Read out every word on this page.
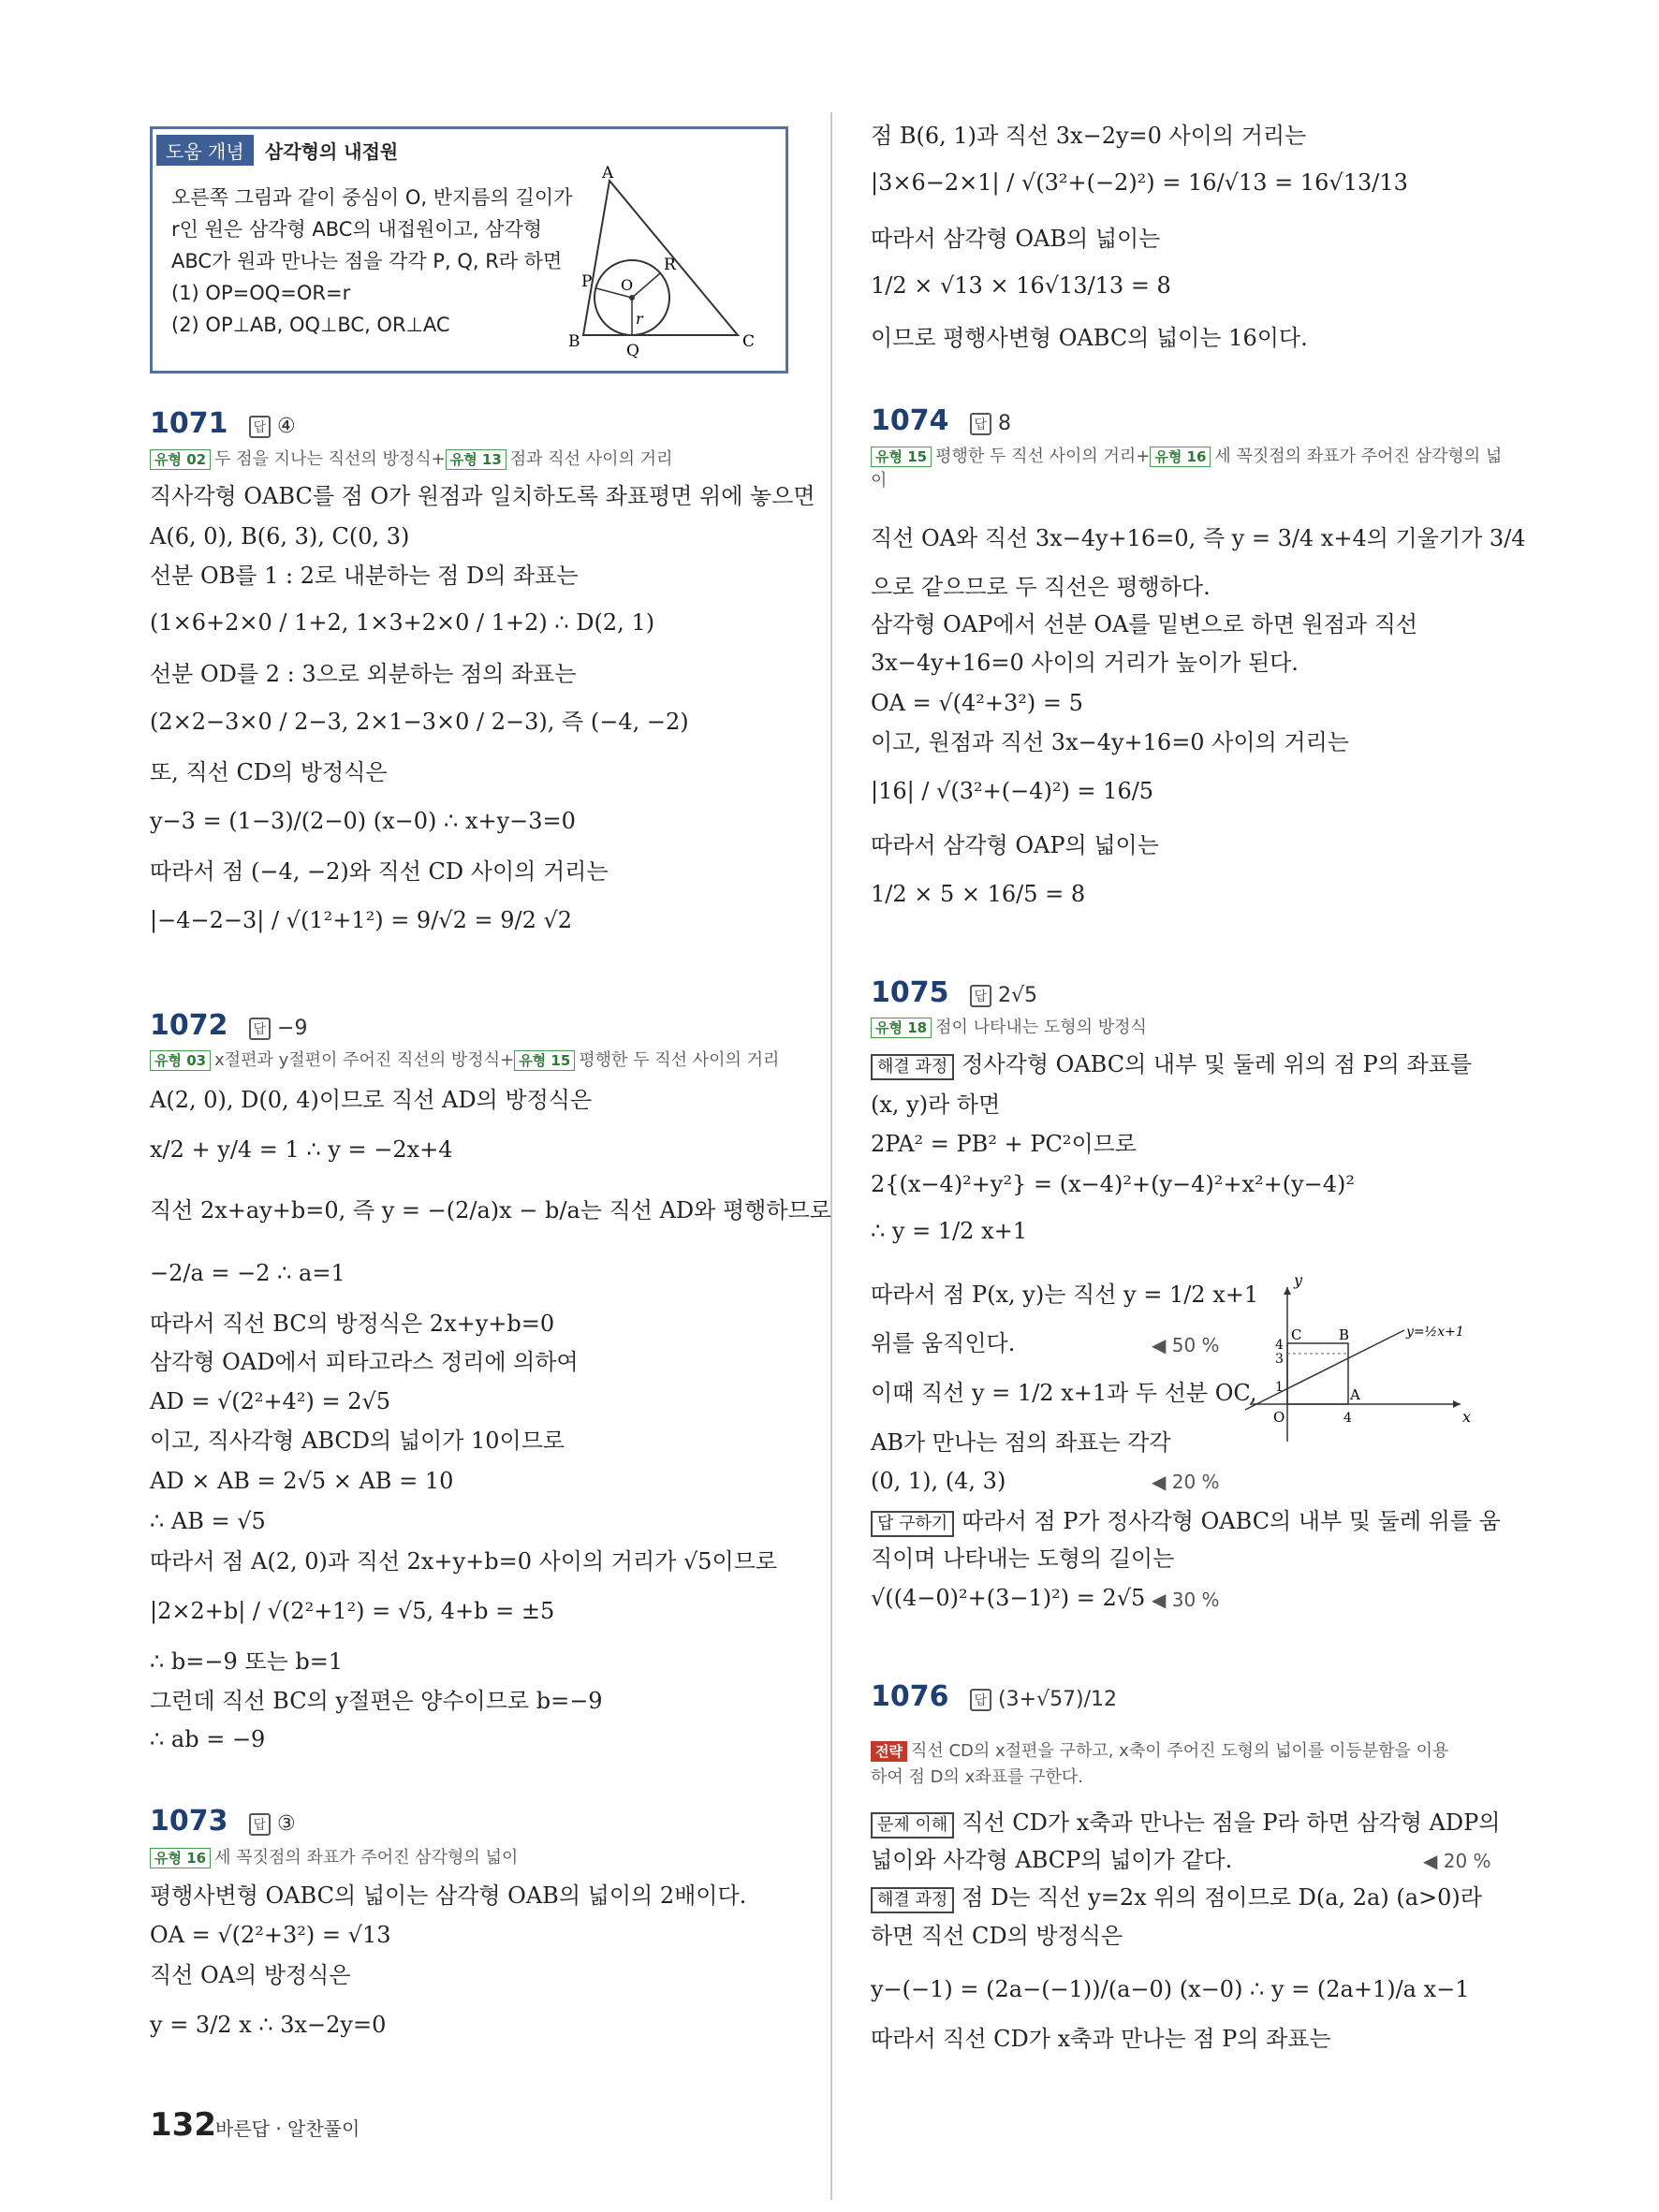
도움 개념	삼각형의 내접원
오른쪽 그림과 같이 중심이 O, 반지름의 길이가
r인 원은 삼각형 ABC의 내접원이고, 삼각형
ABC가 원과 만나는 점을 각각 P, Q, R라 하면
(1) OP=OQ=OR=r
(2) OP⊥AB, OQ⊥BC, OR⊥AC
A
B	C
P
Q
R
O
r
1071 답 ④
유형 02 두 점을 지나는 직선의 방정식+ 유형 13 점과 직선 사이의 거리
직사각형 OABC를 점 O가 원점과 일치하도록 좌표평면 위에 놓으면
A(6, 0), B(6, 3), C(0, 3)
선분 OB를 1 : 2로 내분하는 점 D의 좌표는
(1×6+2×0 / 1+2, 1×3+2×0 / 1+2) ∴ D(2, 1)
선분 OD를 2 : 3으로 외분하는 점의 좌표는
(2×2−3×0 / 2−3, 2×1−3×0 / 2−3), 즉 (−4, −2)
또, 직선 CD의 방정식은
y−3 = (1−3)/(2−0) (x−0) ∴ x+y−3=0
따라서 점 (−4, −2)와 직선 CD 사이의 거리는
|−4−2−3| / √(1²+1²) = 9/√2 = 9/2 √2
1072 답 −9
유형 03 x절편과 y절편이 주어진 직선의 방정식+ 유형 15 평행한 두 직선 사이의 거리
A(2, 0), D(0, 4)이므로 직선 AD의 방정식은
x/2 + y/4 = 1 ∴ y = −2x+4
직선 2x+ay+b=0, 즉 y = −(2/a)x − b/a는 직선 AD와 평행하므로
−2/a = −2 ∴ a=1
따라서 직선 BC의 방정식은 2x+y+b=0
삼각형 OAD에서 피타고라스 정리에 의하여
AD = √(2²+4²) = 2√5
이고, 직사각형 ABCD의 넓이가 10이므로
AD × AB = 2√5 × AB = 10
∴ AB = √5
따라서 점 A(2, 0)과 직선 2x+y+b=0 사이의 거리가 √5이므로
|2×2+b| / √(2²+1²) = √5, 4+b = ±5
∴ b=−9 또는 b=1
그런데 직선 BC의 y절편은 양수이므로 b=−9
∴ ab = −9
1073 답 ③
유형 16 세 꼭짓점의 좌표가 주어진 삼각형의 넓이
평행사변형 OABC의 넓이는 삼각형 OAB의 넓이의 2배이다.
OA = √(2²+3²) = √13
직선 OA의 방정식은
y = 3/2 x ∴ 3x−2y=0
점 B(6, 1)과 직선 3x−2y=0 사이의 거리는
|3×6−2×1| / √(3²+(−2)²) = 16/√13 = 16√13/13
따라서 삼각형 OAB의 넓이는
1/2 × √13 × 16√13/13 = 8
이므로 평행사변형 OABC의 넓이는 16이다.
1074 답 8
유형 15 평행한 두 직선 사이의 거리+ 유형 16 세 꼭짓점의 좌표가 주어진 삼각형의 넓이
직선 OA와 직선 3x−4y+16=0, 즉 y = 3/4 x+4의 기울기가 3/4
으로 같으므로 두 직선은 평행하다.
삼각형 OAP에서 선분 OA를 밑변으로 하면 원점과 직선
3x−4y+16=0 사이의 거리가 높이가 된다.
OA = √(4²+3²) = 5
이고, 원점과 직선 3x−4y+16=0 사이의 거리는
|16| / √(3²+(−4)²) = 16/5
따라서 삼각형 OAP의 넓이는
1/2 × 5 × 16/5 = 8
1075 답 2√5
유형 18 점이 나타내는 도형의 방정식
해결 과정 정사각형 OABC의 내부 및 둘레 위의 점 P의 좌표를
(x, y)라 하면
2PA² = PB² + PC²이므로
2{(x−4)²+y²} = (x−4)²+(y−4)²+x²+(y−4)²
∴ y = 1/2 x+1
따라서 점 P(x, y)는 직선 y = 1/2 x+1
위를 움직인다.	◀ 50 %
이때 직선 y = 1/2 x+1과 두 선분 OC,
AB가 만나는 점의 좌표는 각각
(0, 1), (4, 3)	◀ 20 %
답 구하기 따라서 점 P가 정사각형 OABC의 내부 및 둘레 위를 움
직이며 나타내는 도형의 길이는
√((4−0)²+(3−1)²) = 2√5 ◀ 30 %
y
x
O
A
B
C
4
3
1
4
y=½x+1
1076 답 (3+√57)/12
전략 직선 CD의 x절편을 구하고, x축이 주어진 도형의 넓이를 이등분함을 이용
하여 점 D의 x좌표를 구한다.
문제 이해 직선 CD가 x축과 만나는 점을 P라 하면 삼각형 ADP의
넓이와 사각형 ABCP의 넓이가 같다.	◀ 20 %
해결 과정 점 D는 직선 y=2x 위의 점이므로 D(a, 2a) (a>0)라
하면 직선 CD의 방정식은
y−(−1) = (2a−(−1))/(a−0) (x−0) ∴ y = (2a+1)/a x−1
따라서 직선 CD가 x축과 만나는 점 P의 좌표는
132 바른답 · 알찬풀이
